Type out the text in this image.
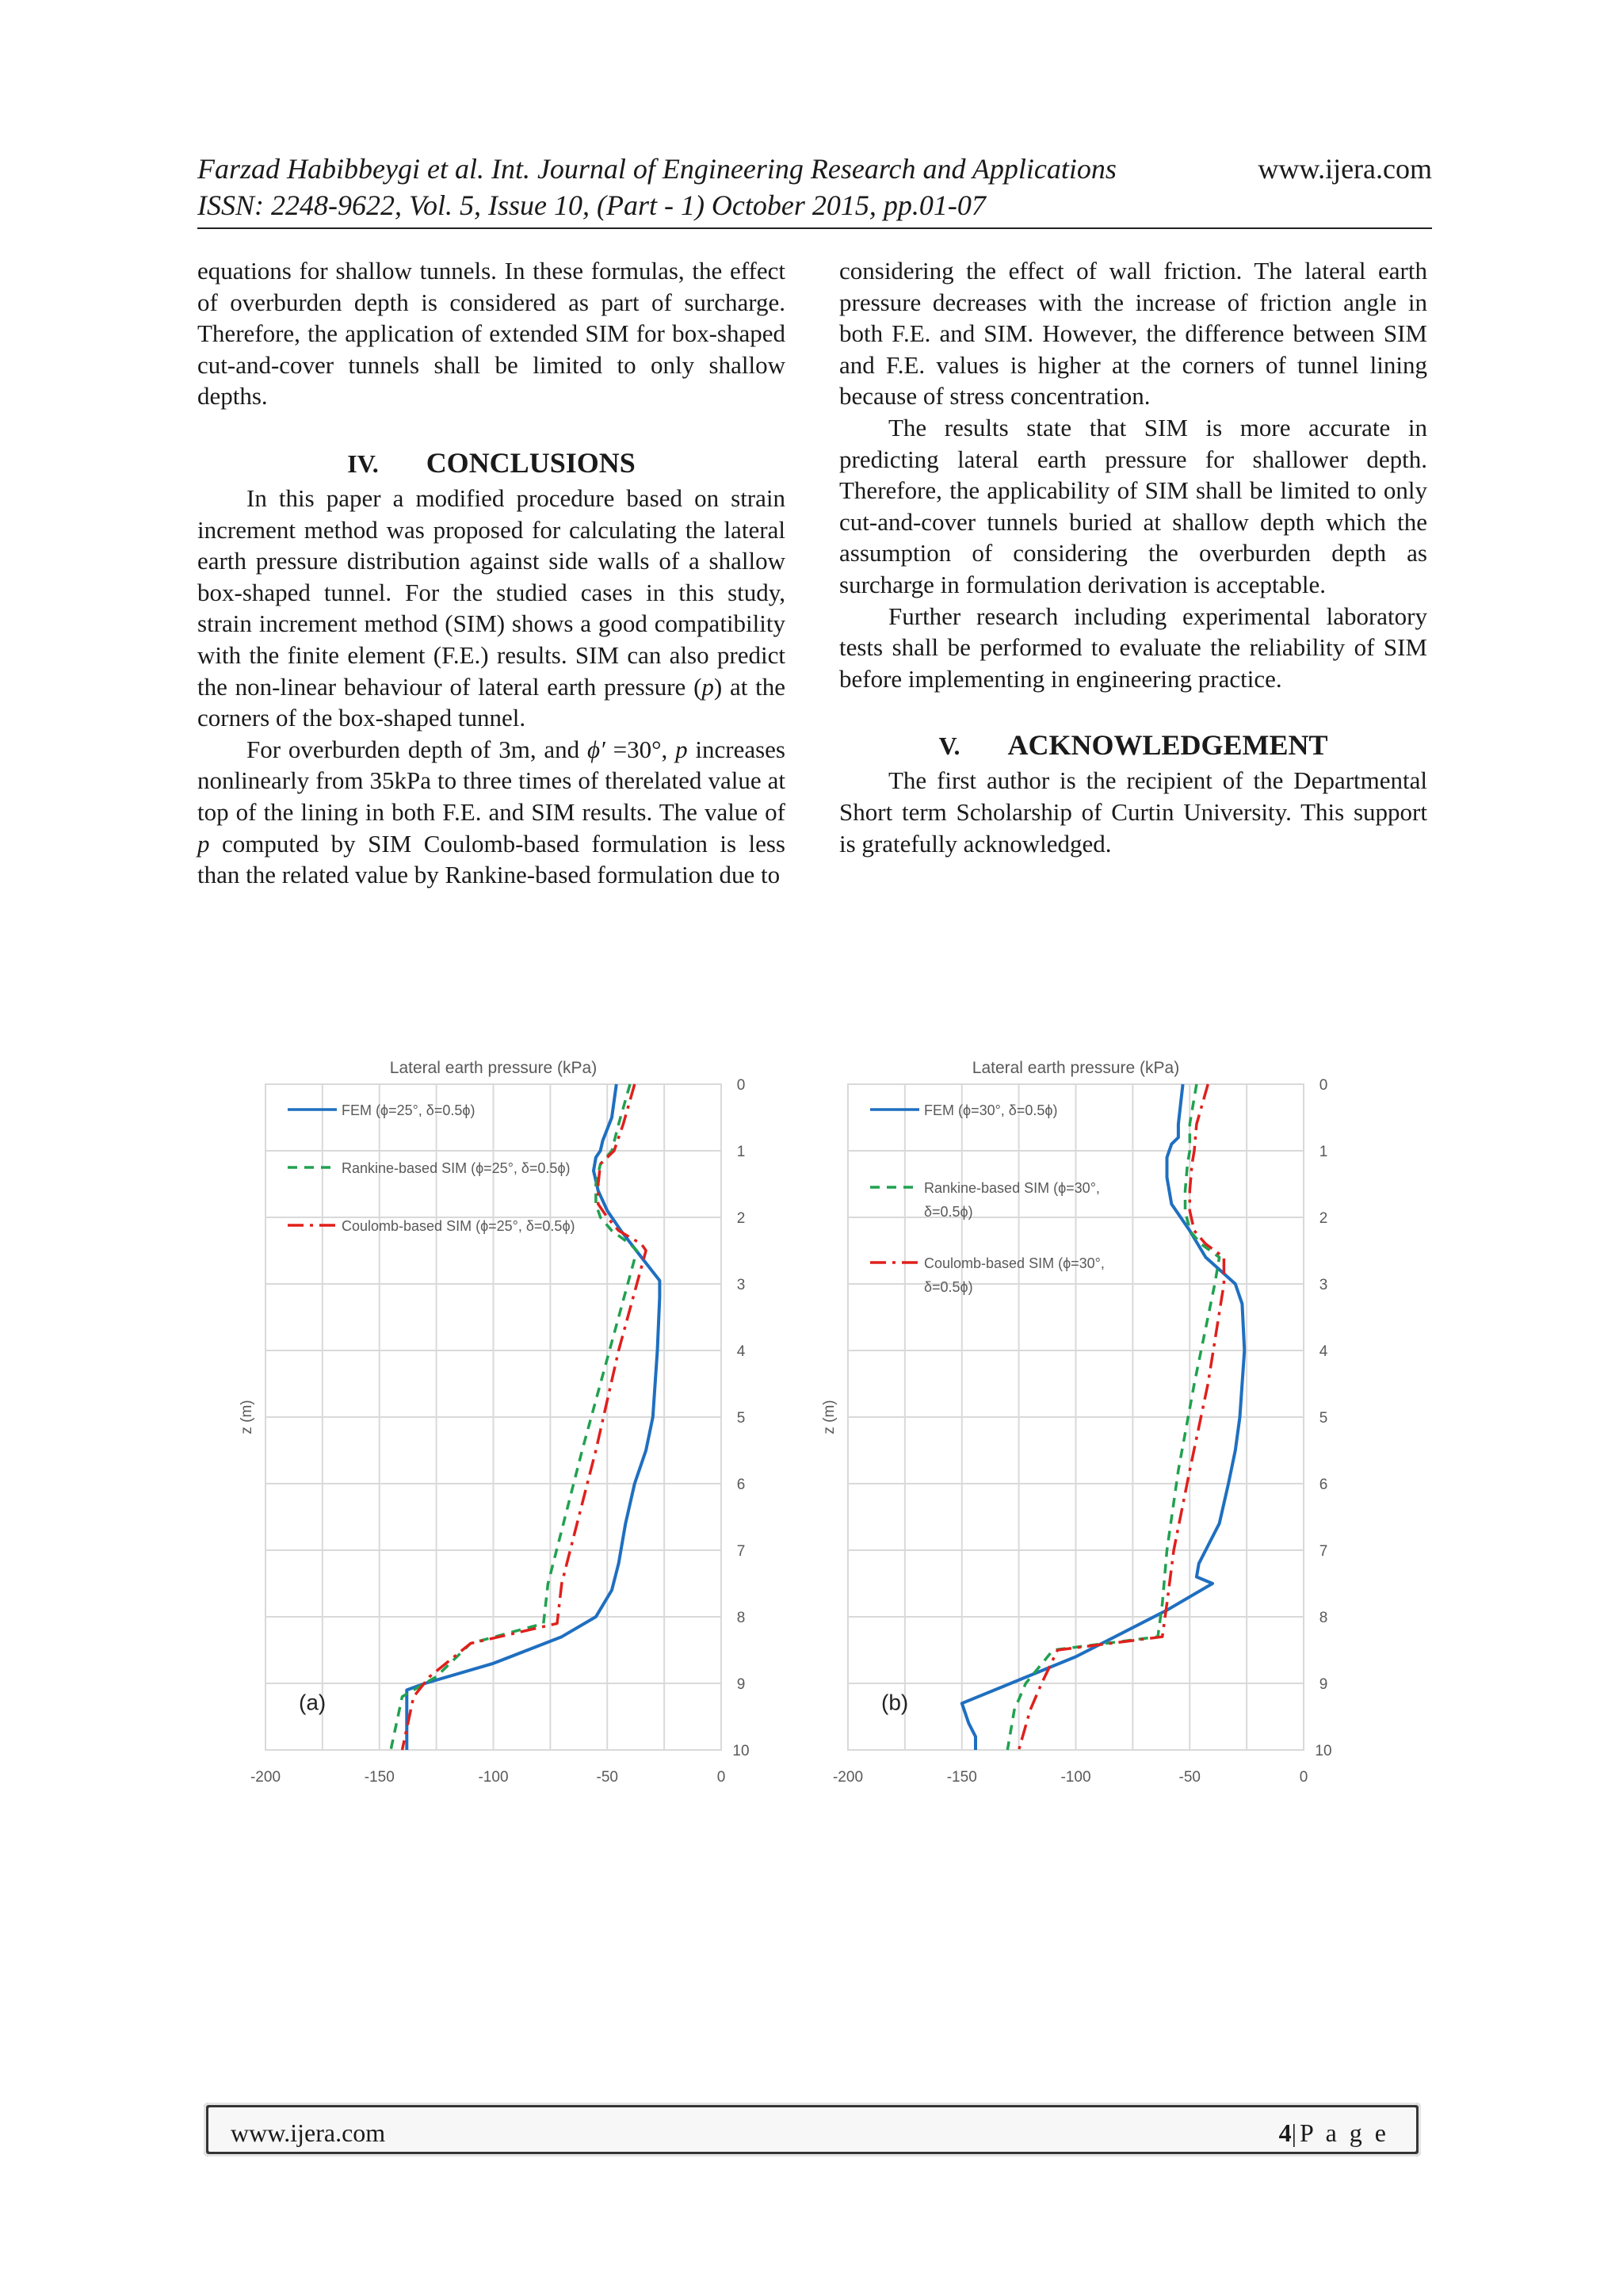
Farzad Habibbeygi et al. Int. Journal of Engineering Research and Applications	www.ijera.com
ISSN: 2248-9622, Vol. 5, Issue 10, (Part - 1) October 2015, pp.01-07

equations for shallow tunnels. In these formulas, the effect of overburden depth is considered as part of surcharge. Therefore, the application of extended SIM for box-shaped cut-and-cover tunnels shall be limited to only shallow depths.

IV. CONCLUSIONS

In this paper a modified procedure based on strain increment method was proposed for calculating the lateral earth pressure distribution against side walls of a shallow box-shaped tunnel. For the studied cases in this study, strain increment method (SIM) shows a good compatibility with the finite element (F.E.) results. SIM can also predict the non-linear behaviour of lateral earth pressure (p) at the corners of the box-shaped tunnel.

For overburden depth of 3m, and ϕ′ =30°, p increases nonlinearly from 35kPa to three times of therelated value at top of the lining in both F.E. and SIM results. The value of p computed by SIM Coulomb-based formulation is less than the related value by Rankine-based formulation due to

considering the effect of wall friction. The lateral earth pressure decreases with the increase of friction angle in both F.E. and SIM. However, the difference between SIM and F.E. values is higher at the corners of tunnel lining because of stress concentration.

The results state that SIM is more accurate in predicting lateral earth pressure for shallower depth. Therefore, the applicability of SIM shall be limited to only cut-and-cover tunnels buried at shallow depth which the assumption of considering the overburden depth as surcharge in formulation derivation is acceptable.

Further research including experimental laboratory tests shall be performed to evaluate the reliability of SIM before implementing in engineering practice.

V. ACKNOWLEDGEMENT

The first author is the recipient of the Departmental Short term Scholarship of Curtin University. This support is gratefully acknowledged.

-200	-150	-100	-50	0
0
1
2
3
4
5
6
7
8
9
10
Lateral earth pressure (kPa)
z (m)
(a)
FEM (ϕ=25°, δ=0.5ϕ)
Rankine-based SIM (ϕ=25°, δ=0.5ϕ)
Coulomb-based SIM (ϕ=25°, δ=0.5ϕ)
-200	-150	-100	-50	0
0
1
2
3
4
5
6
7
8
9
10
Lateral earth pressure (kPa)
z (m)
(b)
FEM (ϕ=30°, δ=0.5ϕ)
Rankine-based SIM (ϕ=30°,
δ=0.5ϕ)
Coulomb-based SIM (ϕ=30°,
δ=0.5ϕ)
www.ijera.com	4|P a g e
